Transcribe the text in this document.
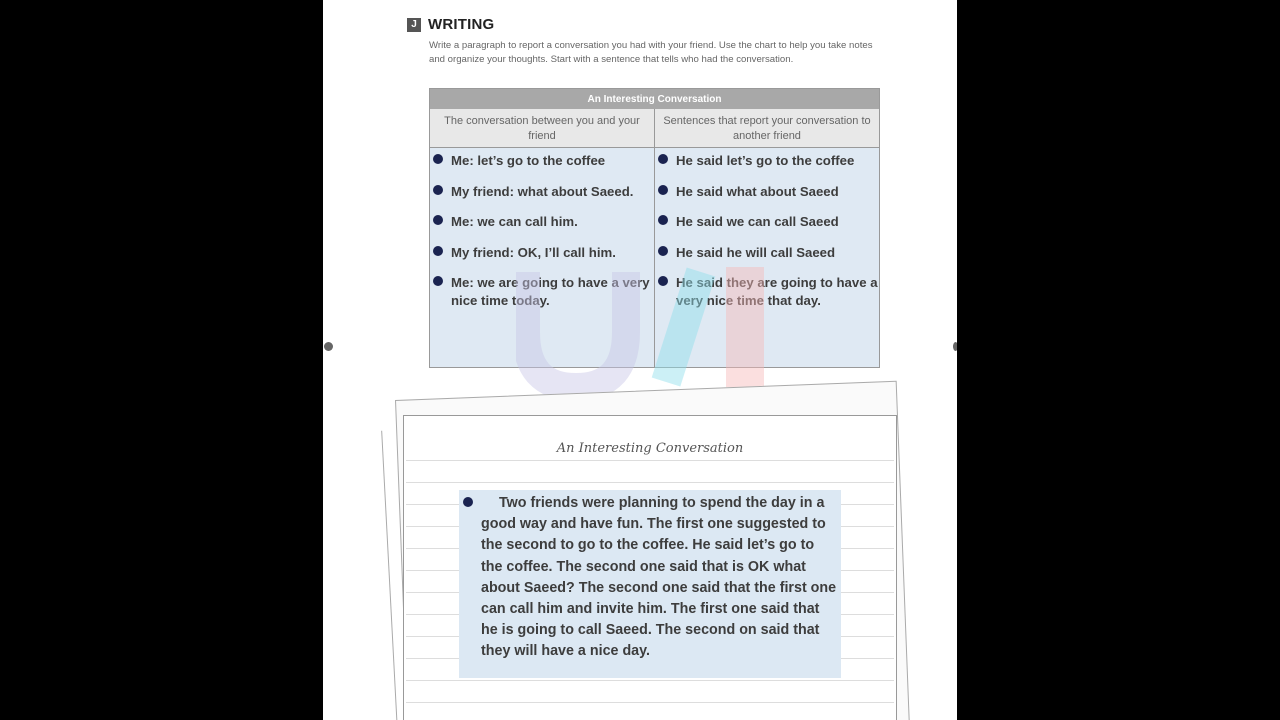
J WRITING
Write a paragraph to report a conversation you had with your friend. Use the chart to help you take notes and organize your thoughts. Start with a sentence that tells who had the conversation.
An Interesting Conversation
The conversation between you and your friend
Sentences that report your conversation to another friend
Me: let’s go to the coffee
My friend: what about Saeed.
Me: we can call him.
My friend: OK, I’ll call him.
Me: we are going to have a very nice time today.
He said let’s go to the coffee
He said what about Saeed
He said we can call Saeed
He said he will call Saeed
He said they are going to have a very nice time that day.
An Interesting Conversation
Two friends were planning to spend the day in a good way and have fun. The first one suggested to the second to go to the coffee. He said let’s go to the coffee. The second one said that is OK what about Saeed? The second one said that the first one can call him and invite him. The first one said that he is going to call Saeed. The second on said that they will have a nice day.
